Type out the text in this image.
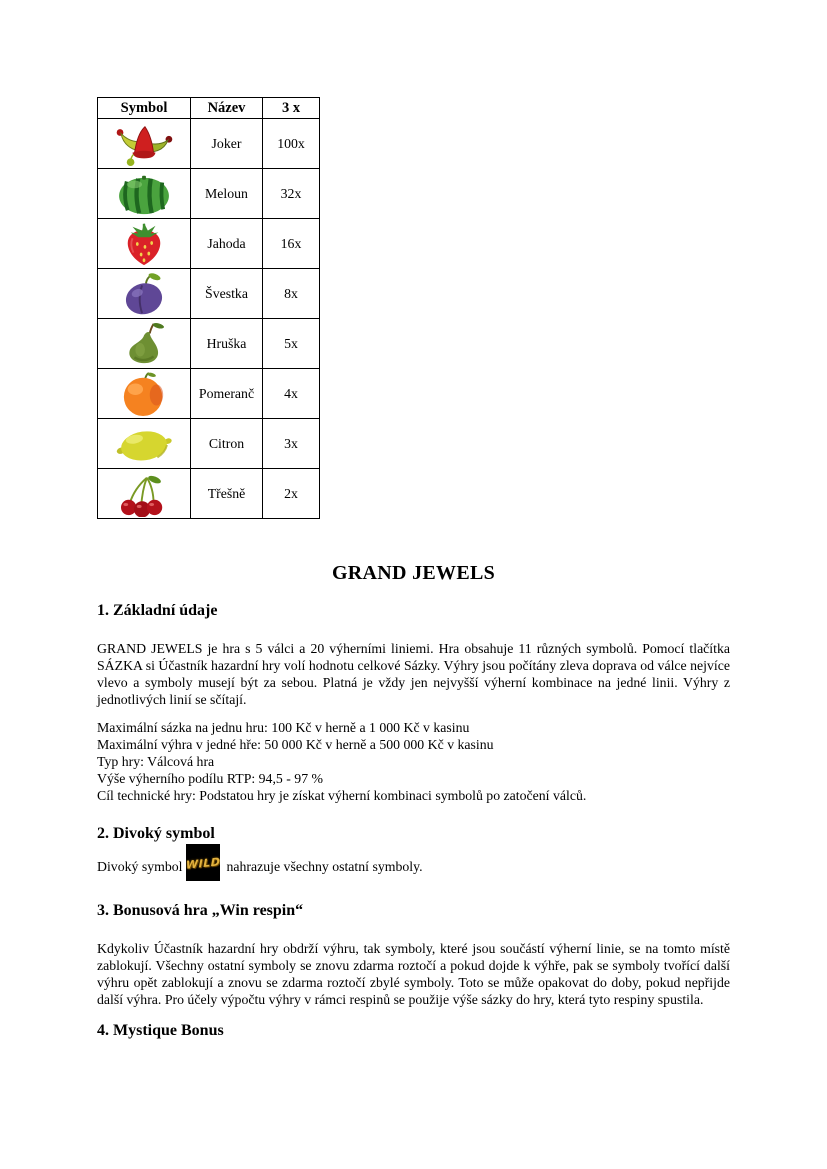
Symbol	Název	3 x

	Joker	100x

	Meloun	32x

	Jahoda	16x

	Švestka	8x

	Hruška	5x

	Pomeranč	4x

	Citron	3x

	Třešně	2x
GRAND JEWELS
1. Základní údaje

GRAND JEWELS je hra s 5 válci a 20 výherními liniemi. Hra obsahuje 11 různých symbolů. Pomocí tlačítka SÁZKA si Účastník hazardní hry volí hodnotu celkové Sázky. Výhry jsou počítány zleva doprava od válce nejvíce vlevo a symboly musejí být za sebou. Platná je vždy jen nejvyšší výherní kombinace na jedné linii. Výhry z jednotlivých linií se sčítají.

Maximální sázka na jednu hru: 100 Kč v herně a 1 000 Kč v kasinu
Maximální výhra v jedné hře: 50 000 Kč v herně a 500 000 Kč v kasinu
Typ hry: Válcová hra
Výše výherního podílu RTP: 94,5 - 97 %
Cíl technické hry: Podstatou hry je získat výherní kombinaci symbolů po zatočení válců.
2. Divoký symbol
Divoký symbol WILD nahrazuje všechny ostatní symboly.
3. Bonusová hra „Win respin“

Kdykoliv Účastník hazardní hry obdrží výhru, tak symboly, které jsou součástí výherní linie, se na tomto místě zablokují. Všechny ostatní symboly se znovu zdarma roztočí a pokud dojde k výhře, pak se symboly tvořící další výhru opět zablokují a znovu se zdarma roztočí zbylé symboly. Toto se může opakovat do doby, pokud nepřijde další výhra. Pro účely výpočtu výhry v rámci respinů se použije výše sázky do hry, která tyto respiny spustila.

4. Mystique Bonus
